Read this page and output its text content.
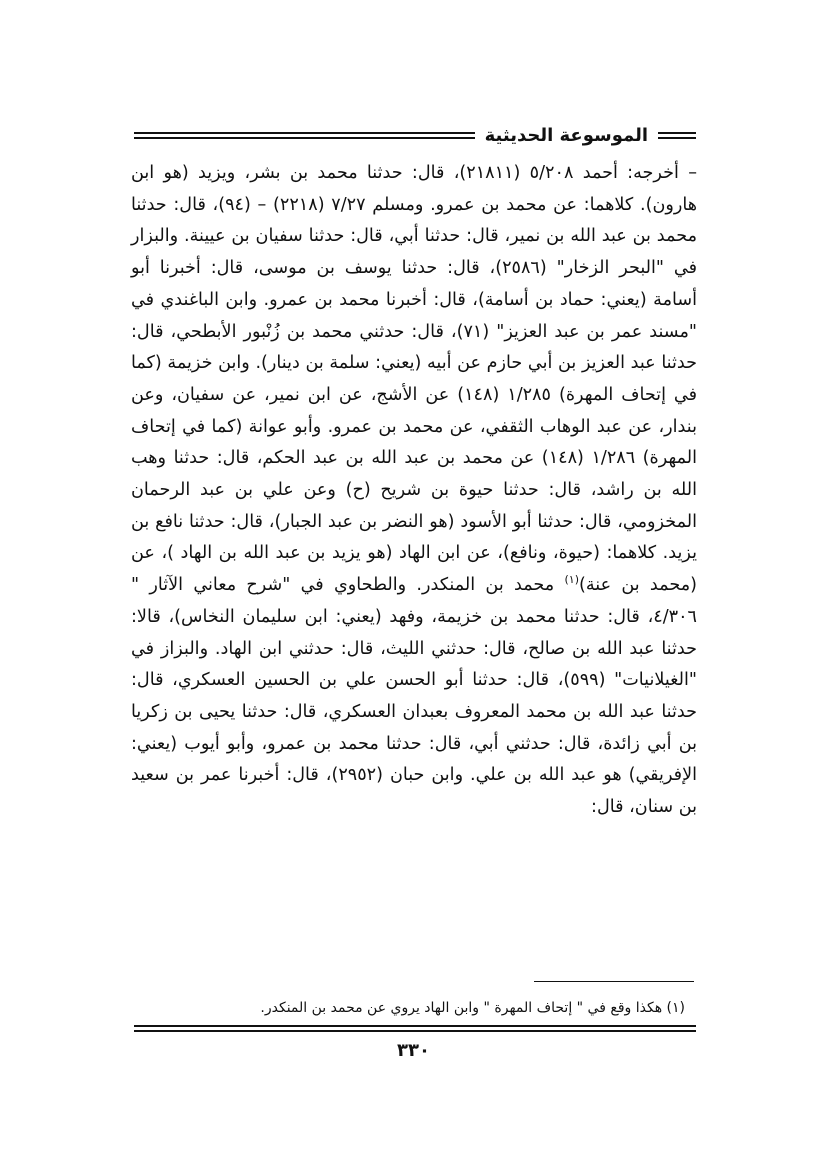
الموسوعة الحديثية

– أخرجه: أحمد ٥/٢٠٨ (٢١٨١١)، قال: حدثنا محمد بن بشر، ويزيد (هو ابن هارون). كلاهما: عن محمد بن عمرو. ومسلم ٧/٢٧ (٢٢١٨) – (٩٤)، قال: حدثنا محمد بن عبد الله بن نمير، قال: حدثنا أبي، قال: حدثنا سفيان بن عيينة. والبزار في "البحر الزخار" (٢٥٨٦)، قال: حدثنا يوسف بن موسى، قال: أخبرنا أبو أسامة (يعني: حماد بن أسامة)، قال: أخبرنا محمد بن عمرو. وابن الباغندي في "مسند عمر بن عبد العزيز" (٧١)، قال: حدثني محمد بن زُنْبور الأبطحي، قال: حدثنا عبد العزيز بن أبي حازم عن أبيه (يعني: سلمة بن دينار). وابن خزيمة (كما في إتحاف المهرة) ١/٢٨٥ (١٤٨) عن الأشج، عن ابن نمير، عن سفيان، وعن بندار، عن عبد الوهاب الثقفي، عن محمد بن عمرو. وأبو عوانة (كما في إتحاف المهرة) ١/٢٨٦ (١٤٨) عن محمد بن عبد الله بن عبد الحكم، قال: حدثنا وهب الله بن راشد، قال: حدثنا حيوة بن شريح (ح) وعن علي بن عبد الرحمان المخزومي، قال: حدثنا أبو الأسود (هو النضر بن عبد الجبار)، قال: حدثنا نافع بن يزيد. كلاهما: (حيوة، ونافع)، عن ابن الهاد (هو يزيد بن عبد الله بن الهاد )، عن (محمد بن عنة)$^{(١)}$ محمد بن المنكدر. والطحاوي في "شرح معاني الآثار " ٤/٣٠٦، قال: حدثنا محمد بن خزيمة، وفهد (يعني: ابن سليمان النخاس)، قالا: حدثنا عبد الله بن صالح، قال: حدثني الليث، قال: حدثني ابن الهاد. والبزاز في "الغيلانيات" (٥٩٩)، قال: حدثنا أبو الحسن علي بن الحسين العسكري، قال: حدثنا عبد الله بن محمد المعروف بعبدان العسكري، قال: حدثنا يحيى بن زكريا بن أبي زائدة، قال: حدثني أبي، قال: حدثنا محمد بن عمرو، وأبو أيوب (يعني: الإفريقي) هو عبد الله بن علي. وابن حبان (٢٩٥٢)، قال: أخبرنا عمر بن سعيد بن سنان، قال:

(١) هكذا وقع في " إتحاف المهرة " وابن الهاد يروي عن محمد بن المنكدر.
٣٣٠
